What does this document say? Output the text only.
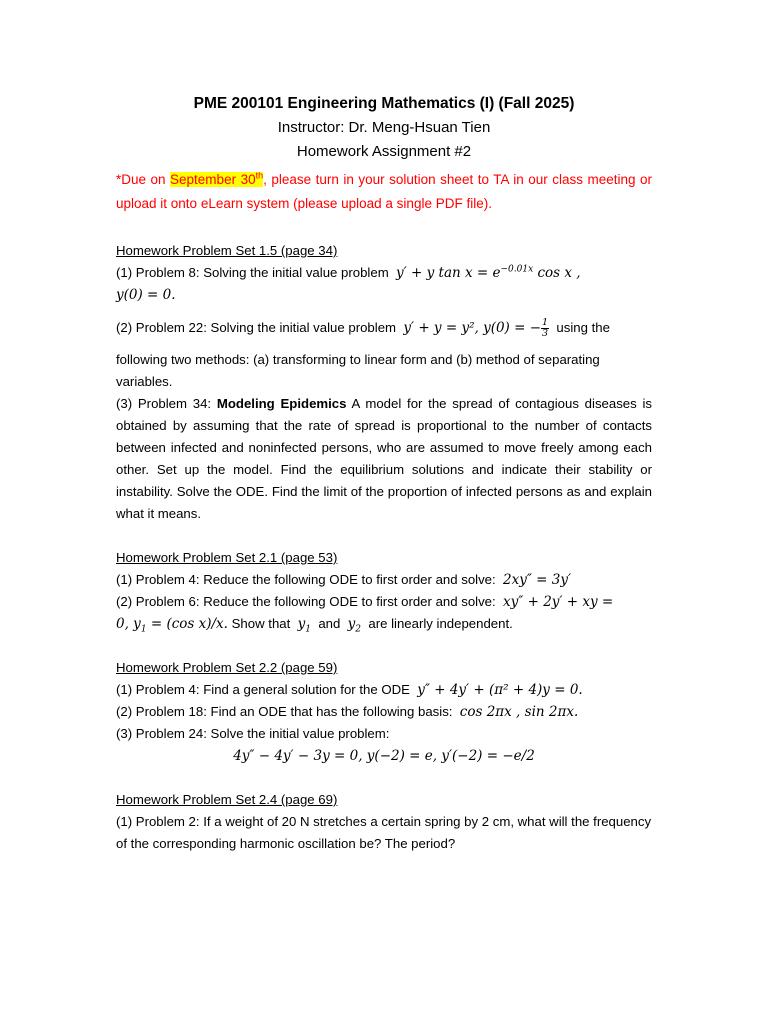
PME 200101 Engineering Mathematics (I) (Fall 2025)
Instructor: Dr. Meng-Hsuan Tien
Homework Assignment #2
*Due on September 30th, please turn in your solution sheet to TA in our class meeting or upload it onto eLearn system (please upload a single PDF file).
Homework Problem Set 1.5 (page 34)
(1) Problem 8: Solving the initial value problem y′ + y $\tan x = e^{-0.01x}$ cos x ,
y(0) = 0.
(2) Problem 22: Solving the initial value problem y′ + y = y², y(0) = − $\frac{1}{3}$ using the
following two methods: (a) transforming to linear form and (b) method of separating variables.
(3) Problem 34: Modeling Epidemics A model for the spread of contagious diseases is obtained by assuming that the rate of spread is proportional to the number of contacts between infected and noninfected persons, who are assumed to move freely among each other. Set up the model. Find the equilibrium solutions and indicate their stability or instability. Solve the ODE. Find the limit of the proportion of infected persons as and explain what it means.
Homework Problem Set 2.1 (page 53)
(1) Problem 4: Reduce the following ODE to first order and solve: 2xy″ = 3y′
(2) Problem 6: Reduce the following ODE to first order and solve: xy″ + 2y′ + xy =
0, $y_1 = (\cos$ x)/x. Show that $y_1$ and $y_2$ are linearly independent.
Homework Problem Set 2.2 (page 59)
(1) Problem 4: Find a general solution for the ODE y″ + 4y′ + (π² + 4)y = 0.
(2) Problem 18: Find an ODE that has the following basis: cos 2πx , sin 2πx.
(3) Problem 24: Solve the initial value problem:
4y″ − 4y′ − 3y = 0, y(−2) = e, y′(−2) = −e/2
Homework Problem Set 2.4 (page 69)
(1) Problem 2: If a weight of 20 N stretches a certain spring by 2 cm, what will the frequency of the corresponding harmonic oscillation be? The period?
